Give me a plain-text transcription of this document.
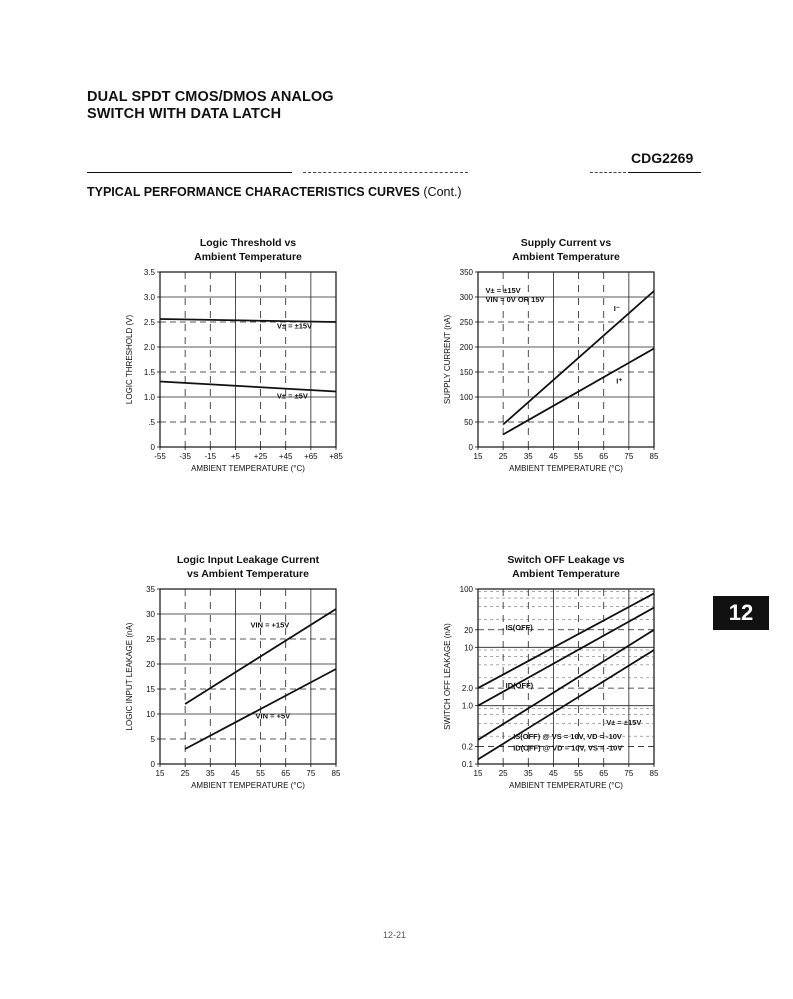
DUAL SPDT CMOS/DMOS ANALOG
SWITCH WITH DATA LATCH
CDG2269
TYPICAL PERFORMANCE CHARACTERISTICS CURVES (Cont.)
Logic Threshold vs
Ambient Temperature
-55 -35 -15 +5 +25 +45 +65 +85
0
.5
1.0
1.5
2.0
2.5
3.0
3.5
AMBIENT TEMPERATURE (°C)
LOGIC THRESHOLD (V)	V± = ±15V
V± = ±5V
Supply Current vs
Ambient Temperature
15 25 35 45 55 65 75 85
0
50
100
150
200
250
300
350
AMBIENT TEMPERATURE (°C)
SUPPLY CURRENT (nA)
V± = ±15V
VIN = 0V OR 15V
I⁻
I⁺
Logic Input Leakage Current
vs Ambient Temperature
15 25 35 45 55 65 75 85
0
5
10
15
20
25
30
35
AMBIENT TEMPERATURE (°C)
LOGIC INPUT LEAKAGE (nA)	VIN = +15V
VIN = +5V
Switch OFF Leakage vs
Ambient Temperature
15 25 35 45 55 65 75 85
0.1
0.2
1.0
2.0
10
20
100
AMBIENT TEMPERATURE (°C)
SWITCH OFF LEAKAGE (nA)	IS(OFF)
ID(OFF)
V± = ±15V
IS(OFF) @ VS = 10V, VD = -10V
ID(OFF) @ VD = 10V, VS = -10V
12
12-21
